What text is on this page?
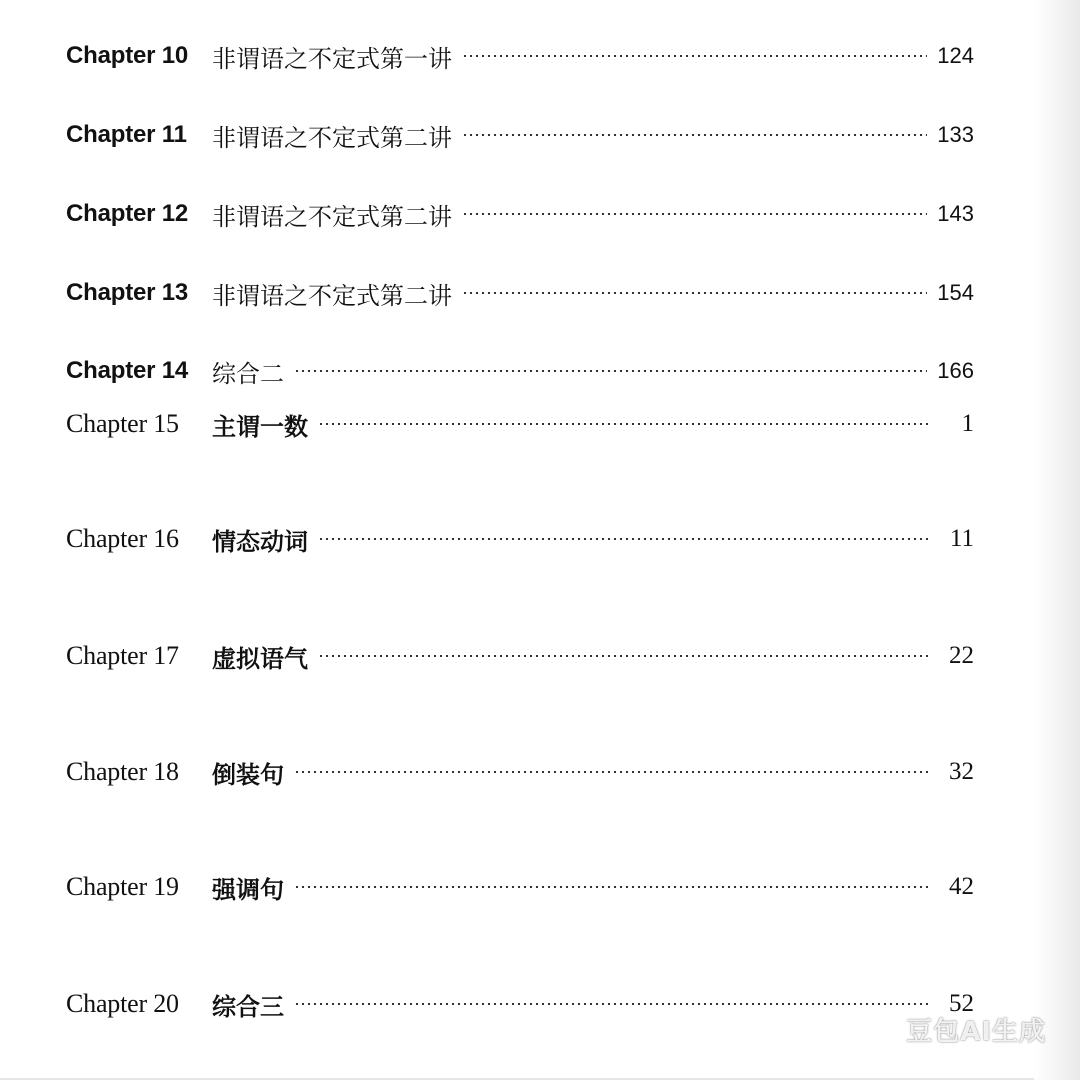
Chapter 10 非谓语之不定式第一讲	124
Chapter 11	非谓语之不定式第二讲	133
Chapter 12 非谓语之不定式第二讲	143
Chapter 13 非谓语之不定式第二讲	154
Chapter 14 综合二	166
Chapter 15	主谓一数	1
Chapter 16	情态动词	11
Chapter 17	虚拟语气	22
Chapter 18	倒装句	32
Chapter 19	强调句	42
Chapter 20	综合三	52
豆包AI生成
